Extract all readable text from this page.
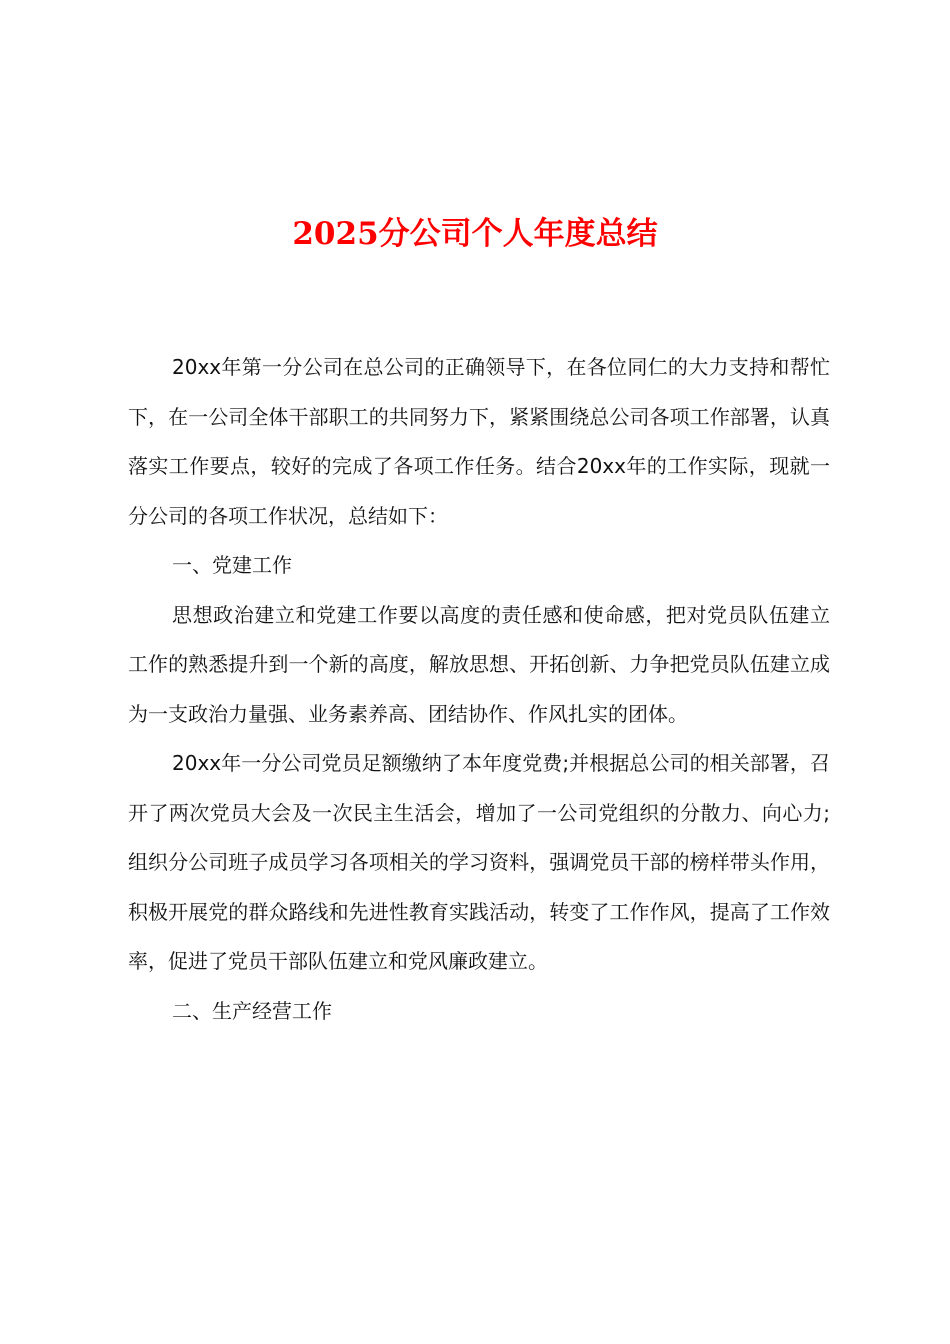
2025分公司个人年度总结

20xx年第一分公司在总公司的正确领导下，在各位同仁的大力支持和帮忙下，在一公司全体干部职工的共同努力下，紧紧围绕总公司各项工作部署，认真落实工作要点，较好的完成了各项工作任务。结合20xx年的工作实际，现就一分公司的各项工作状况，总结如下：

一、党建工作

思想政治建立和党建工作要以高度的责任感和使命感，把对党员队伍建立工作的熟悉提升到一个新的高度，解放思想、开拓创新、力争把党员队伍建立成为一支政治力量强、业务素养高、团结协作、作风扎实的团体。

20xx年一分公司党员足额缴纳了本年度党费;并根据总公司的相关部署，召开了两次党员大会及一次民主生活会，增加了一公司党组织的分散力、向心力;组织分公司班子成员学习各项相关的学习资料，强调党员干部的榜样带头作用，积极开展党的群众路线和先进性教育实践活动，转变了工作作风，提高了工作效率，促进了党员干部队伍建立和党风廉政建立。

二、生产经营工作
